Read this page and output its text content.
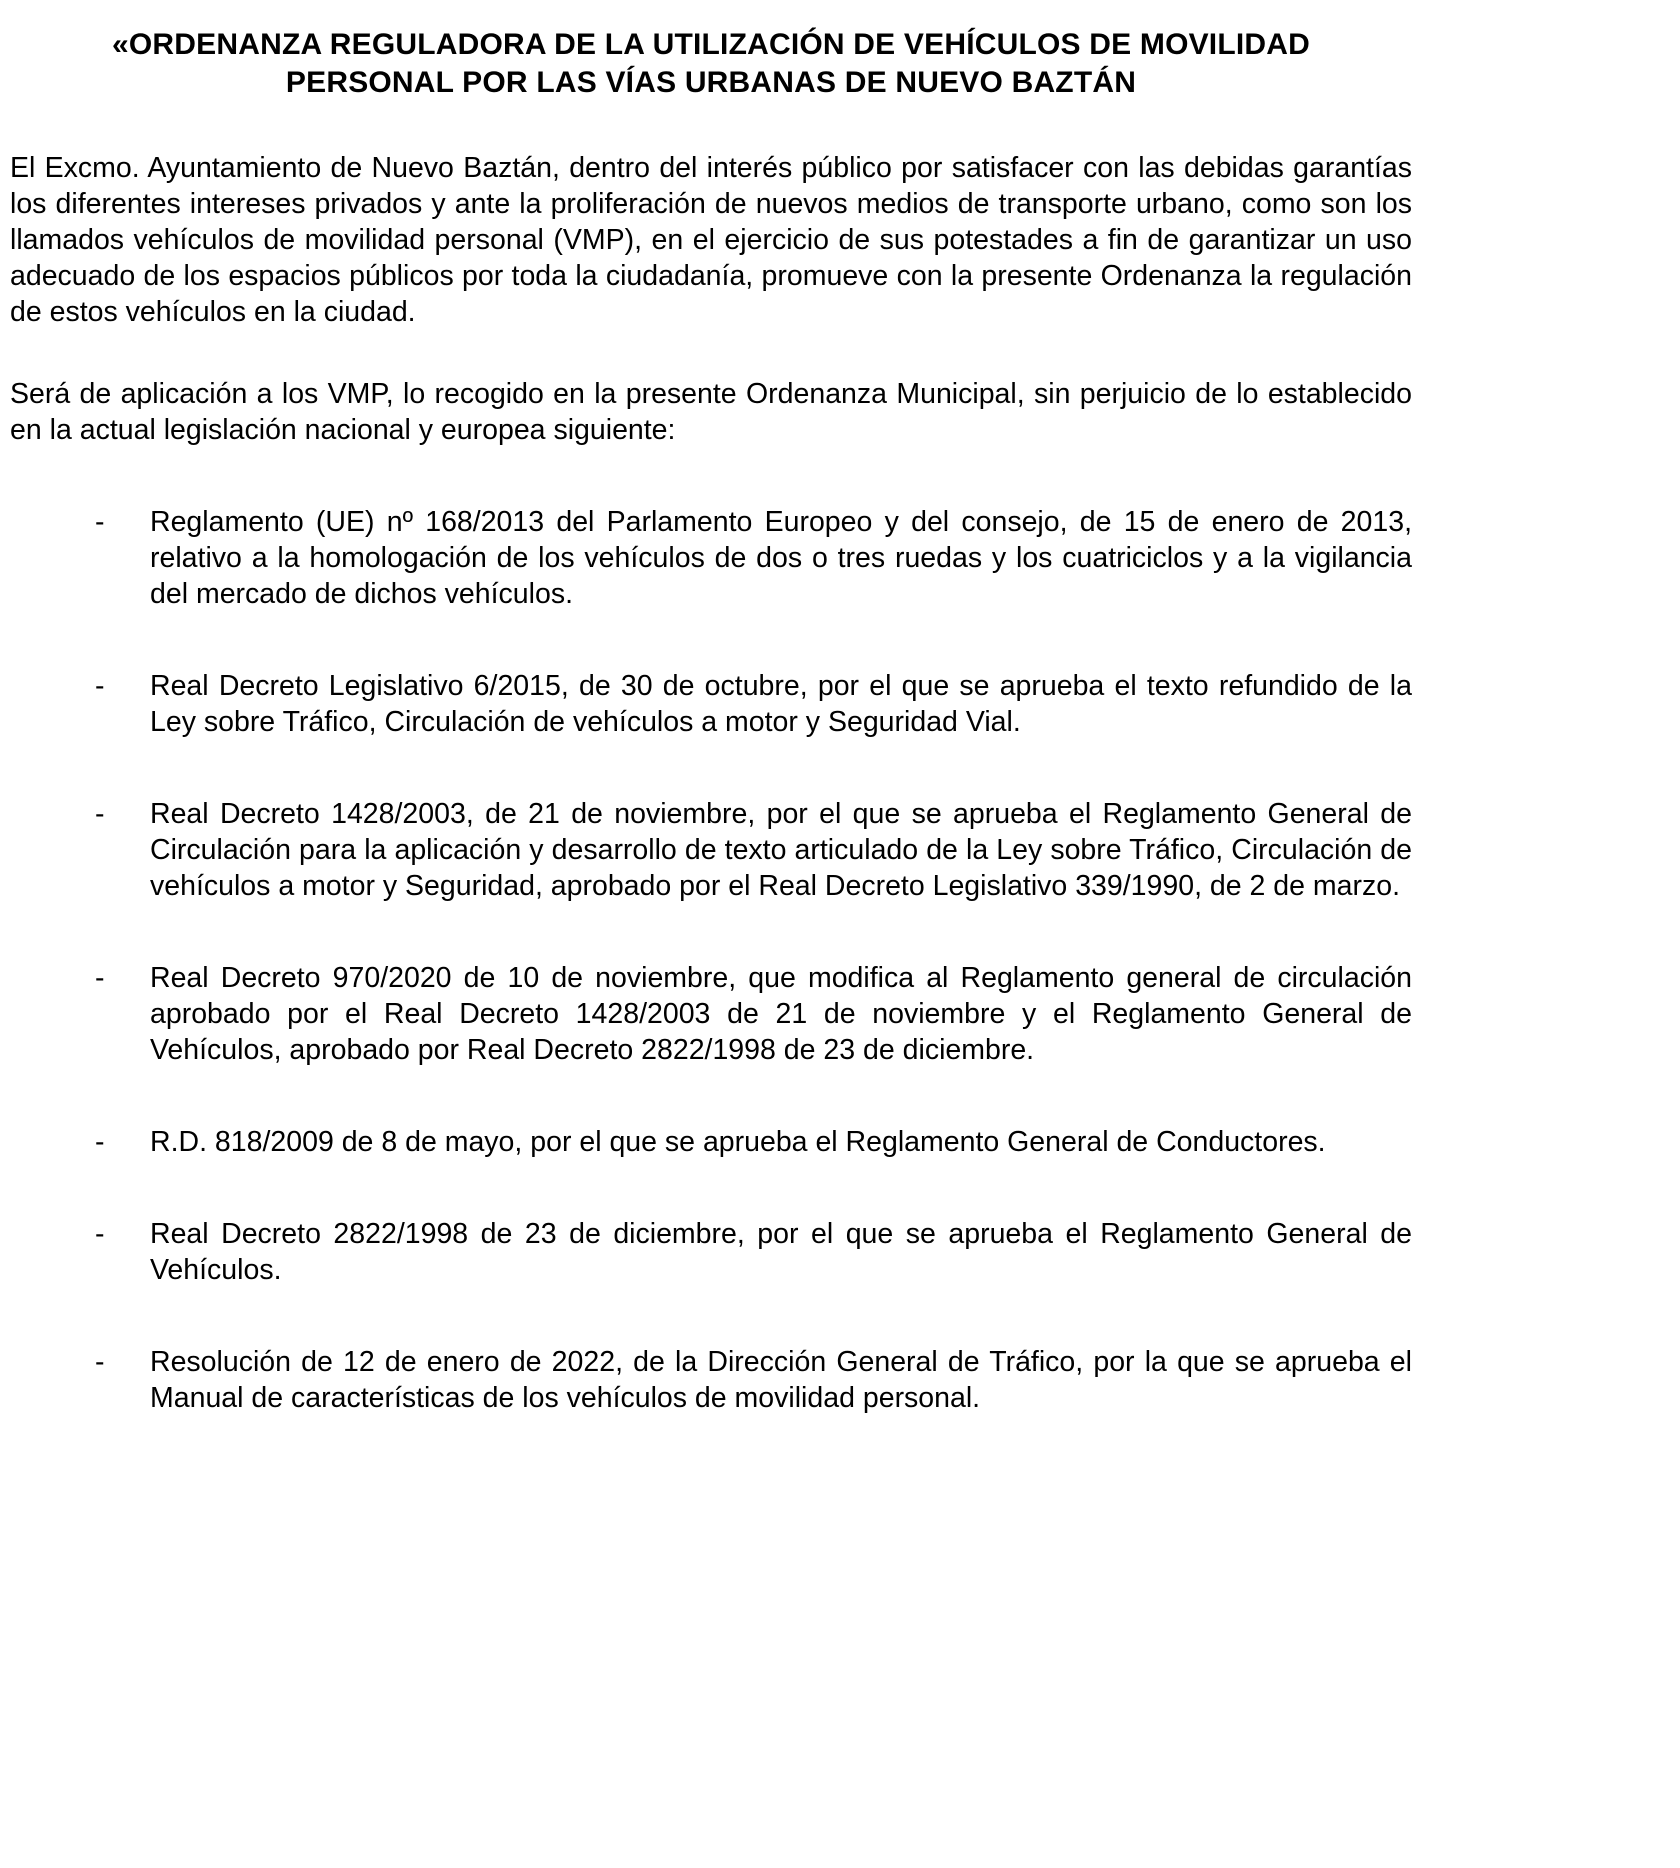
«ORDENANZA REGULADORA DE LA UTILIZACIÓN DE VEHÍCULOS DE MOVILIDAD PERSONAL POR LAS VÍAS URBANAS DE NUEVO BAZTÁN

El Excmo. Ayuntamiento de Nuevo Baztán, dentro del interés público por satisfacer con las debidas garantías los diferentes intereses privados y ante la proliferación de nuevos medios de transporte urbano, como son los llamados vehículos de movilidad personal (VMP), en el ejercicio de sus potestades a fin de garantizar un uso adecuado de los espacios públicos por toda la ciudadanía, promueve con la presente Ordenanza la regulación de estos vehículos en la ciudad.

Será de aplicación a los VMP, lo recogido en la presente Ordenanza Municipal, sin perjuicio de lo establecido en la actual legislación nacional y europea siguiente:

-	Reglamento (UE) nº 168/2013 del Parlamento Europeo y del consejo, de 15 de enero de 2013, relativo a la homologación de los vehículos de dos o tres ruedas y los cuatriciclos y a la vigilancia del mercado de dichos vehículos.
-	Real Decreto Legislativo 6/2015, de 30 de octubre, por el que se aprueba el texto refundido de la Ley sobre Tráfico, Circulación de vehículos a motor y Seguridad Vial.
-	Real Decreto 1428/2003, de 21 de noviembre, por el que se aprueba el Reglamento General de Circulación para la aplicación y desarrollo de texto articulado de la Ley sobre Tráfico, Circulación de vehículos a motor y Seguridad, aprobado por el Real Decreto Legislativo 339/1990, de 2 de marzo.
-	Real Decreto 970/2020 de 10 de noviembre, que modifica al Reglamento general de circulación aprobado por el Real Decreto 1428/2003 de 21 de noviembre y el Reglamento General de Vehículos, aprobado por Real Decreto 2822/1998 de 23 de diciembre.
-	R.D. 818/2009 de 8 de mayo, por el que se aprueba el Reglamento General de Conductores.
-	Real Decreto 2822/1998 de 23 de diciembre, por el que se aprueba el Reglamento General de Vehículos.
-	Resolución de 12 de enero de 2022, de la Dirección General de Tráfico, por la que se aprueba el Manual de características de los vehículos de movilidad personal.
